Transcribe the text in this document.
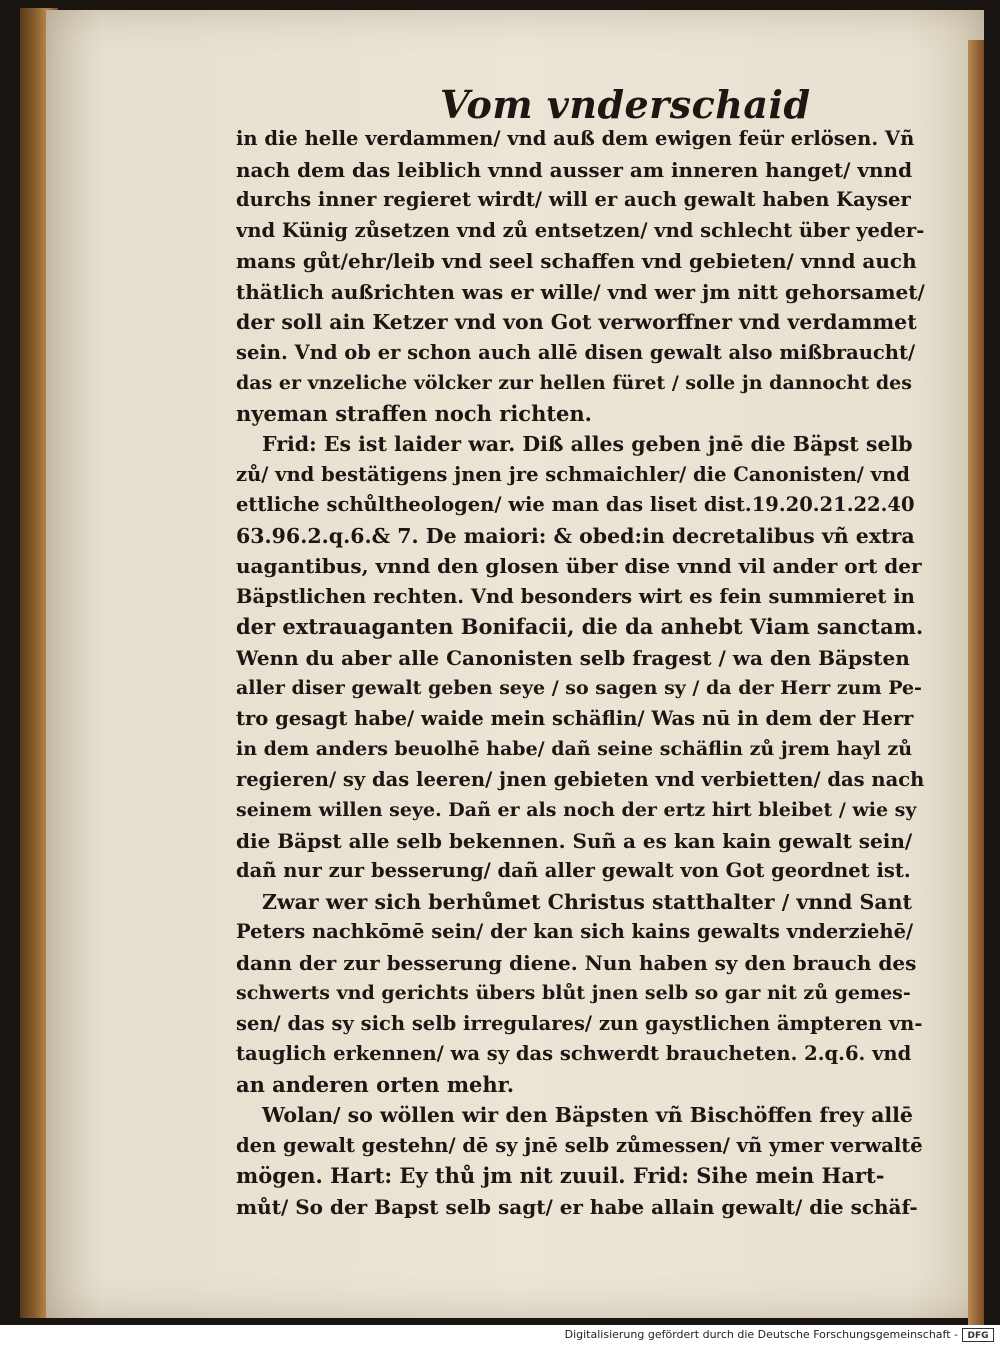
Vom vnderschaid
in die helle verdammen/ vnd auß dem ewigen feür erlösen. Vñ
nach dem das leiblich vnnd ausser am inneren hanget/ vnnd
durchs inner regieret wirdt/ will er auch gewalt haben Kayser
vnd Künig zůsetzen vnd zů entsetzen/ vnd schlecht über yeder-
mans gůt/ehr/leib vnd seel schaffen vnd gebieten/ vnnd auch
thätlich außrichten was er wille/ vnd wer jm nitt gehorsamet/
der soll ain Ketzer vnd von Got verworffner vnd verdammet
sein. Vnd ob er schon auch allē disen gewalt also mißbraucht/
das er vnzeliche völcker zur hellen füret / solle jn dannocht des
nyeman straffen noch richten.
Frid: Es ist laider war. Diß alles geben jnē die Bäpst selb
zů/ vnd bestätigens jnen jre schmaichler/ die Canonisten/ vnd
ettliche schůltheologen/ wie man das liset dist.19.20.21.22.40
63.96.2.q.6.& 7. De maiori: & obed:in decretalibus vñ extra
uagantibus, vnnd den glosen über dise vnnd vil ander ort der
Bäpstlichen rechten. Vnd besonders wirt es fein summieret in
der extrauaganten Bonifacii, die da anhebt Viam sanctam.
Wenn du aber alle Canonisten selb fragest / wa den Bäpsten
aller diser gewalt geben seye / so sagen sy / da der Herr zum Pe-
tro gesagt habe/ waide mein schäflin/ Was nū in dem der Herr
in dem anders beuolhē habe/ dañ seine schäflin zů jrem hayl zů
regieren/ sy das leeren/ jnen gebieten vnd verbietten/ das nach
seinem willen seye. Dañ er als noch der ertz hirt bleibet / wie sy
die Bäpst alle selb bekennen. Suñ a es kan kain gewalt sein/
dañ nur zur besserung/ dañ aller gewalt von Got geordnet ist.
Zwar wer sich berhůmet Christus statthalter / vnnd Sant
Peters nachkōmē sein/ der kan sich kains gewalts vnderziehē/
dann der zur besserung diene. Nun haben sy den brauch des
schwerts vnd gerichts übers blůt jnen selb so gar nit zů gemes-
sen/ das sy sich selb irregulares/ zun gaystlichen ämpteren vn-
tauglich erkennen/ wa sy das schwerdt braucheten. 2.q.6. vnd
an anderen orten mehr.
Wolan/ so wöllen wir den Bäpsten vñ Bischöffen frey allē
den gewalt gestehn/ dē sy jnē selb zůmessen/ vñ ymer verwaltē
mögen. Hart: Ey thů jm nit zuuil. Frid: Sihe mein Hart-
můt/ So der Bapst selb sagt/ er habe allain gewalt/ die schäf-
Digitalisierung gefördert durch die Deutsche Forschungsgemeinschaft -	DFG
